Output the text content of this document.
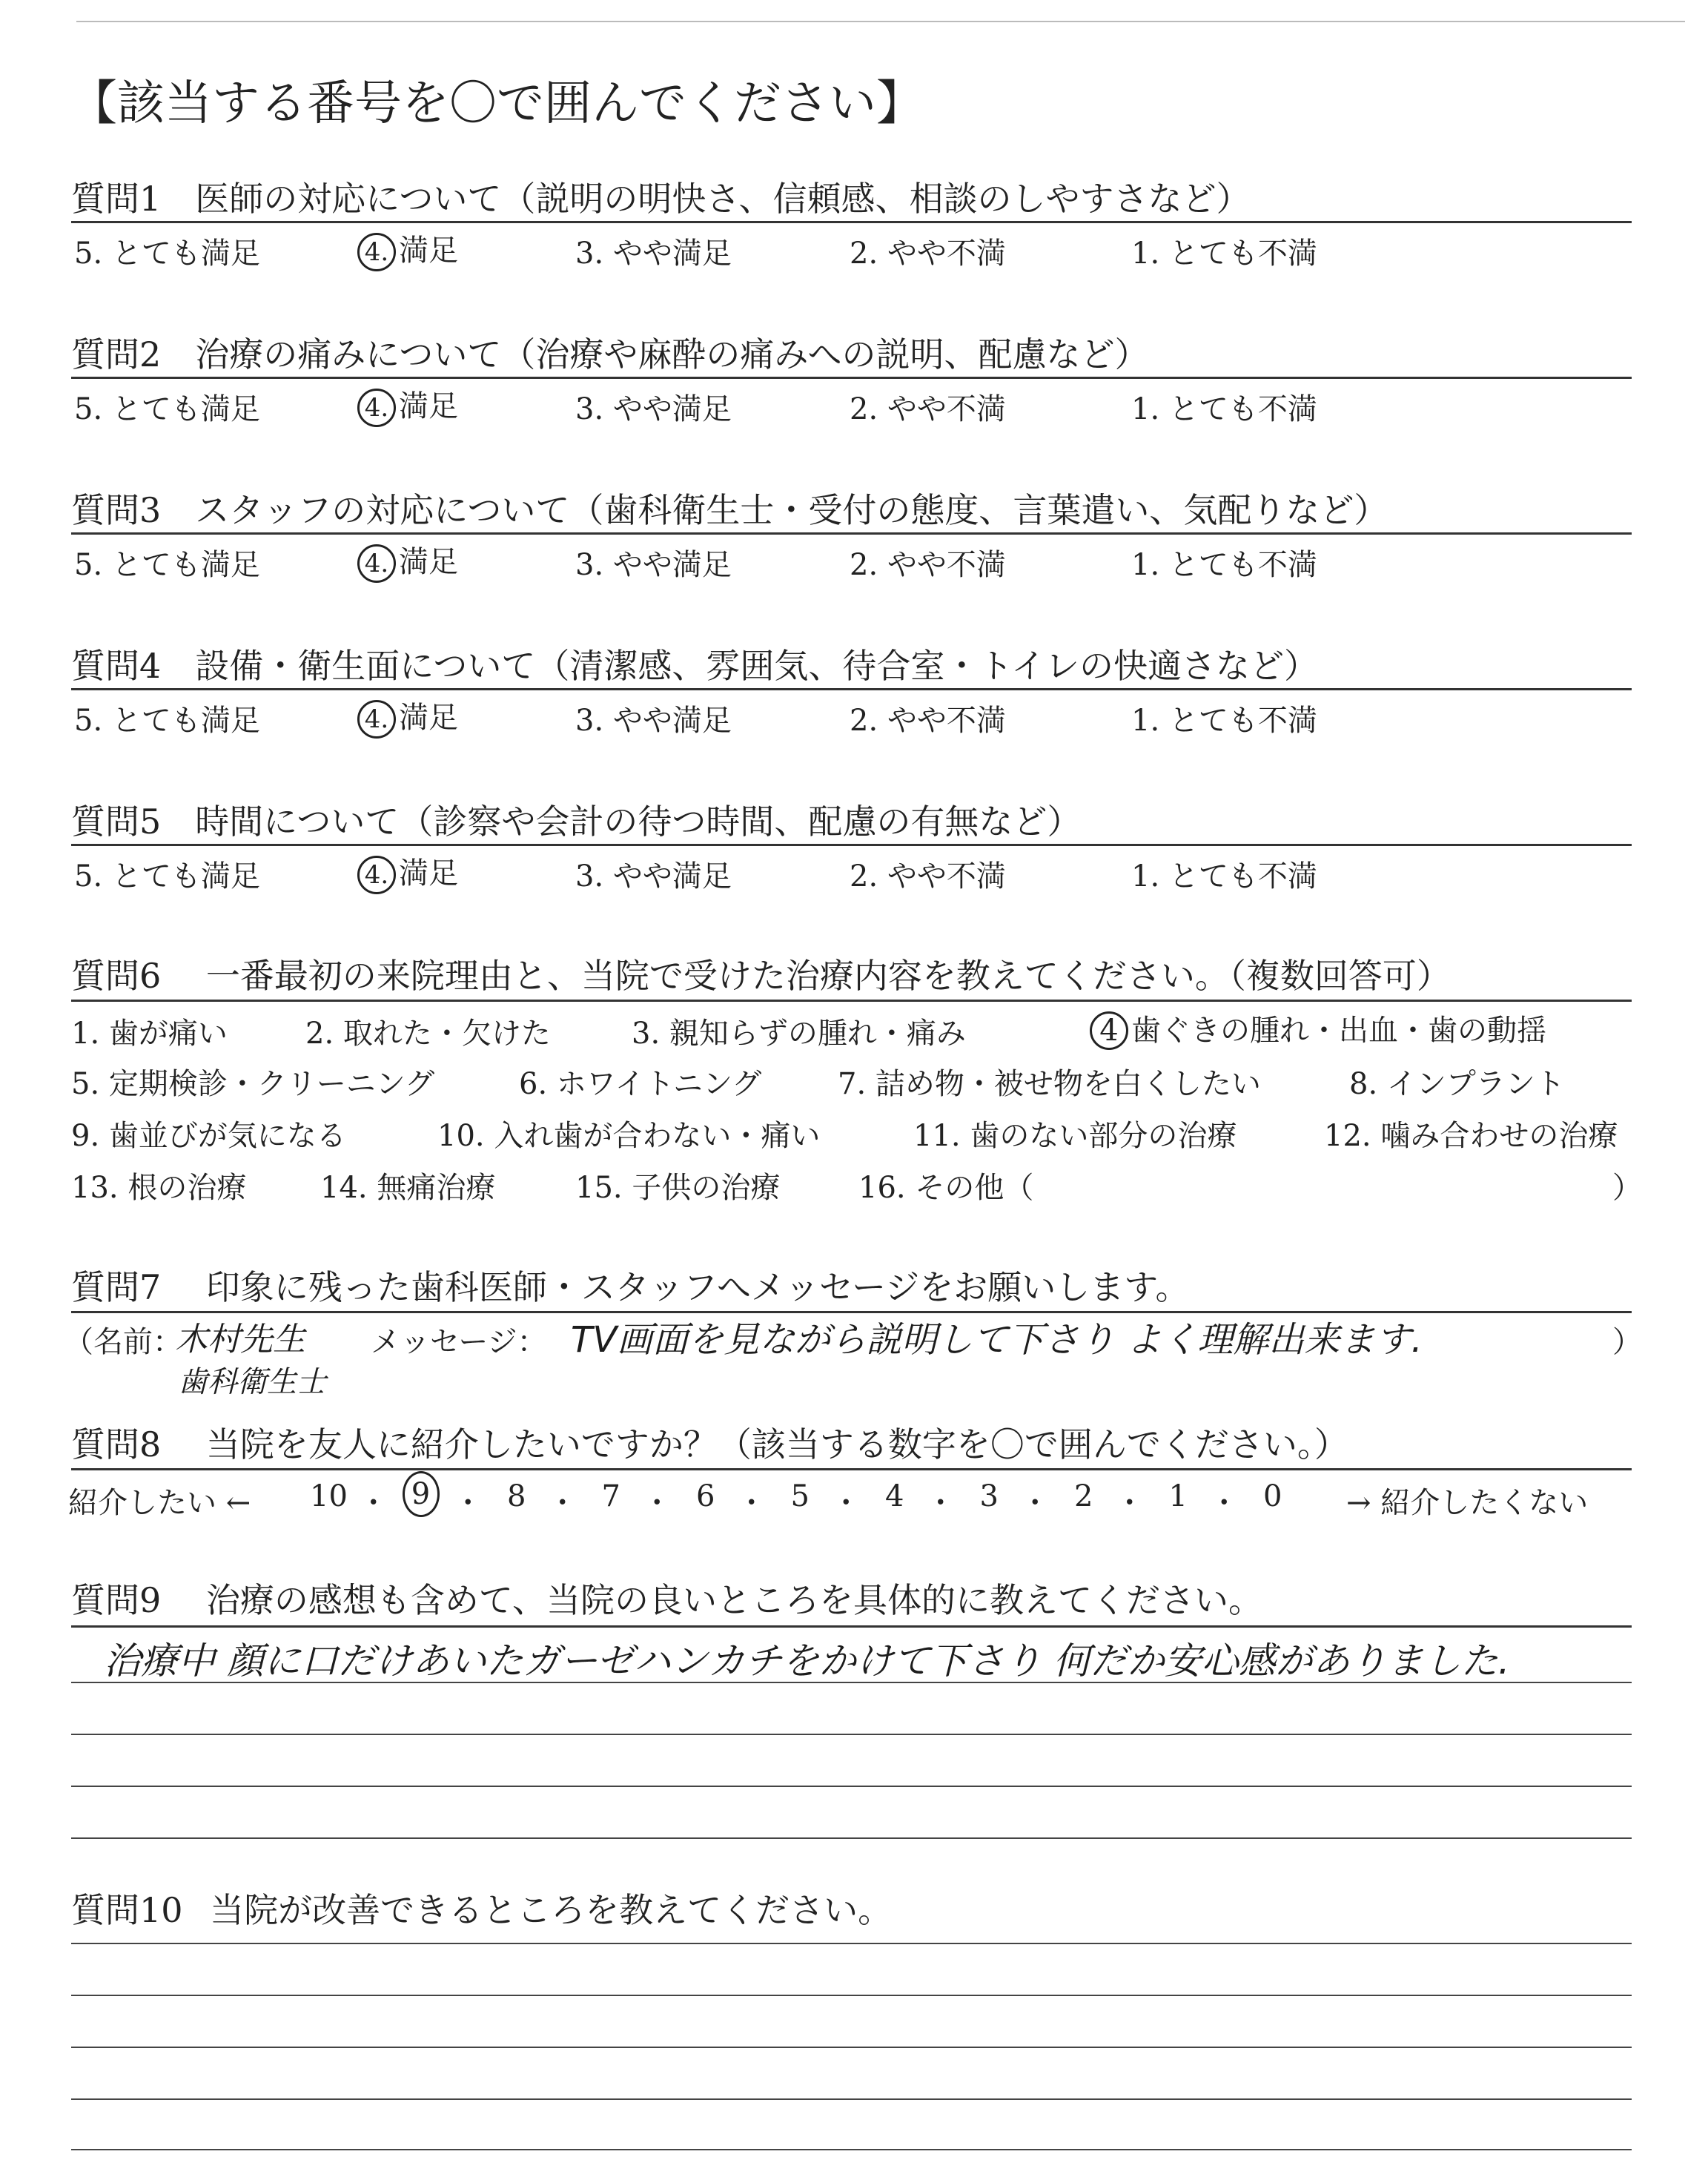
【該当する番号を〇で囲んでください】
質問1 医師の対応について（説明の明快さ、信頼感、相談のしやすさなど）
5. とても満足	4. 満足	3. やや満足	2. やや不満	1. とても不満
質問2 治療の痛みについて（治療や麻酔の痛みへの説明、配慮など）
5. とても満足	4. 満足	3. やや満足	2. やや不満	1. とても不満
質問3 スタッフの対応について（歯科衛生士・受付の態度、言葉遣い、気配りなど）
5. とても満足	4. 満足	3. やや満足	2. やや不満	1. とても不満
質問4 設備・衛生面について（清潔感、雰囲気、待合室・トイレの快適さなど）
5. とても満足	4. 満足	3. やや満足	2. やや不満	1. とても不満
質問5 時間について（診察や会計の待つ時間、配慮の有無など）
5. とても満足	4. 満足	3. やや満足	2. やや不満	1. とても不満
質問6 一番最初の来院理由と、当院で受けた治療内容を教えてください。（複数回答可）
1. 歯が痛い	2. 取れた・欠けた	3. 親知らずの腫れ・痛み	4 歯ぐきの腫れ・出血・歯の動揺
5. 定期検診・クリーニング	6. ホワイトニング	7. 詰め物・被せ物を白くしたい	8. インプラント
9. 歯並びが気になる	10. 入れ歯が合わない・痛い	11. 歯のない部分の治療	12. 噛み合わせの治療
13. 根の治療 14. 無痛治療	15. 子供の治療	16. その他（	）
質問7 印象に残った歯科医師・スタッフへメッセージをお願いします。
（名前：
木村先生
歯科衛生士
メッセージ： TV画面を見ながら説明して下さり よく理解出来ます.	）
質問8 当院を友人に紹介したいですか？（該当する数字を〇で囲んでください。）
紹介したい ← 10 ・ 9 ・ 8 ・ 7 ・ 6 ・ 5 ・ 4 ・ 3 ・ 2 ・ 1 ・ 0 → 紹介したくない
質問9 治療の感想も含めて、当院の良いところを具体的に教えてください。
治療中 顔に口だけあいたガーゼハンカチをかけて下さり 何だか安心感がありました.
質問10 当院が改善できるところを教えてください。
